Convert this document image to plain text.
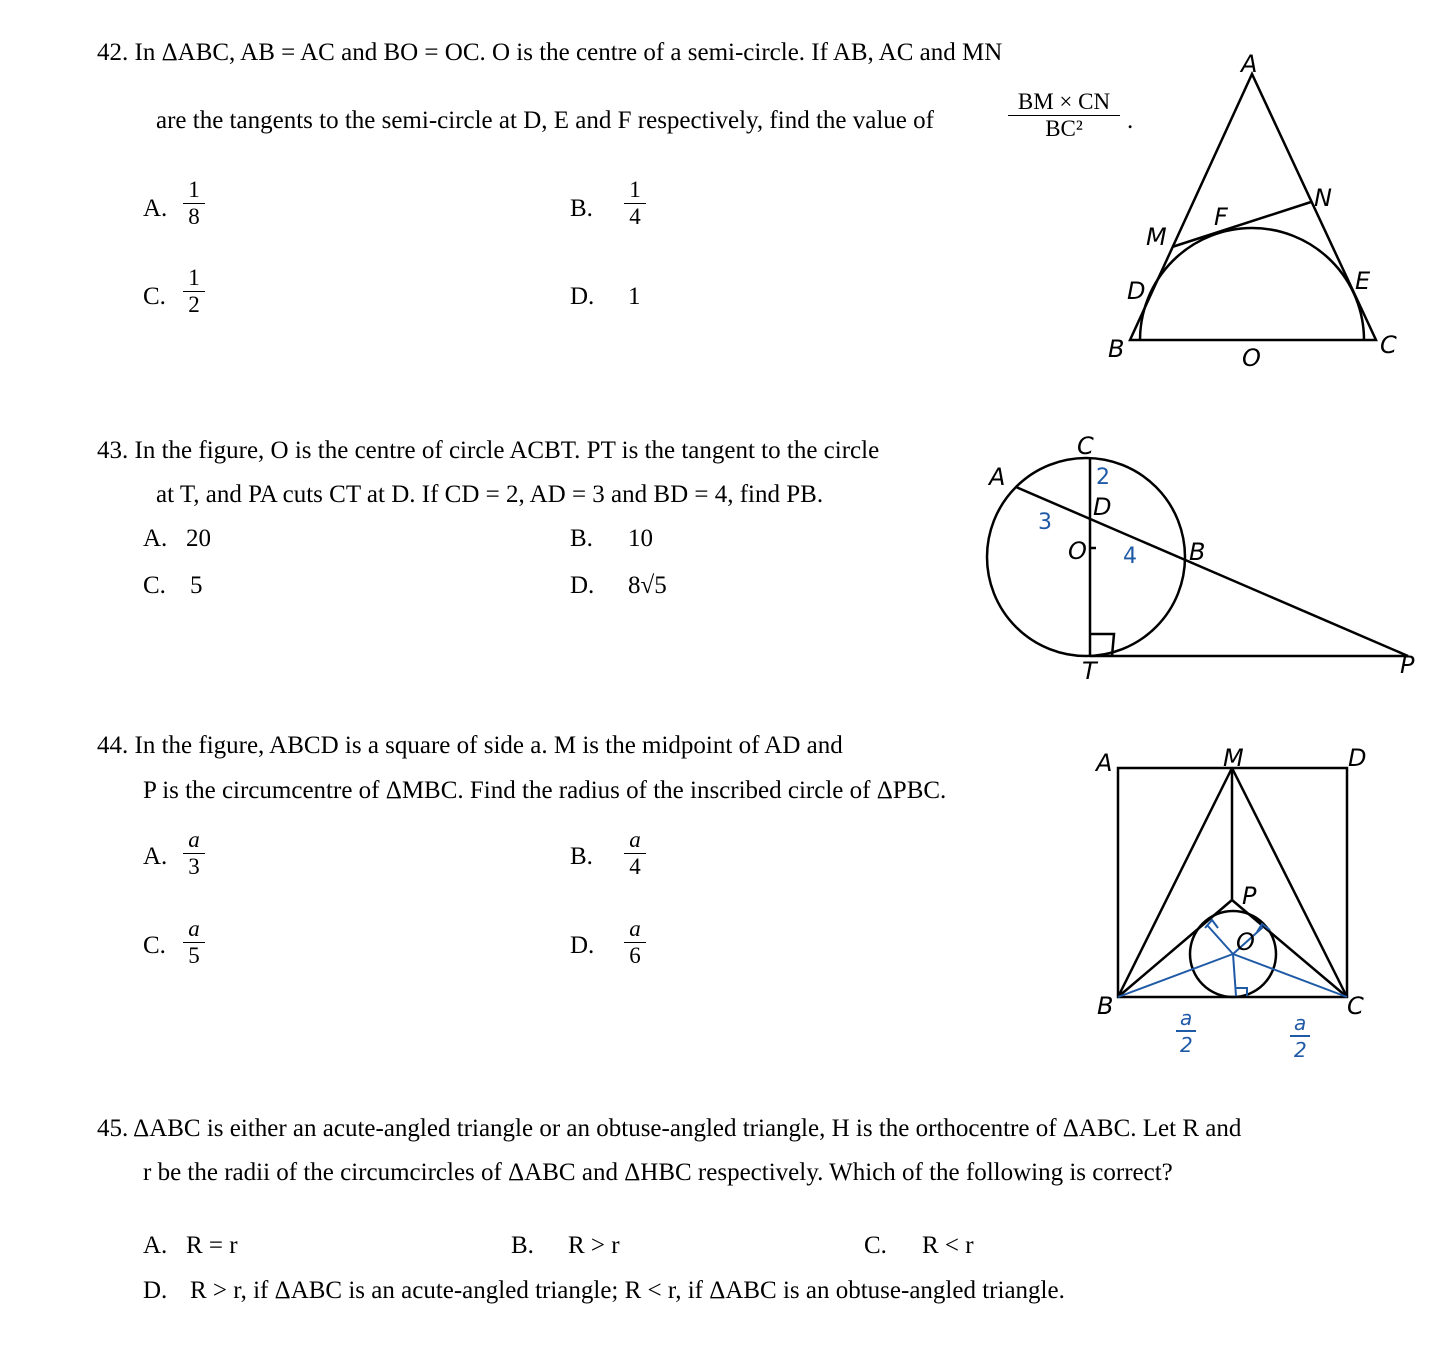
42. In ΔABC, AB = AC and BO = OC. O is the centre of a semi-circle. If AB, AC and MN
are the tangents to the semi-circle at D, E and F respectively, find the value of
BM × CN
BC²	.
A.
1
8	B.
1
4
C.
1
2	D. 1
A
B	C
D	E
F
M
N
O
43. In the figure, O is the centre of circle ACBT. PT is the tangent to the circle
at T, and PA cuts CT at D. If CD = 2, AD = 3 and BD = 4, find PB.
A. 20	B. 10
C. 5	D. 8√5
A
B
C
D
O
T	P
2
3
4
44. In the figure, ABCD is a square of side a. M is the midpoint of AD and
P is the circumcentre of ΔMBC. Find the radius of the inscribed circle of ΔPBC.
A.
a
3	B.
a
4
C.
a
5	D.
a
6
A	D
M
B	C
P
O
a
2
a
2
45. ΔABC is either an acute-angled triangle or an obtuse-angled triangle, H is the orthocentre of ΔABC. Let R and
r be the radii of the circumcircles of ΔABC and ΔHBC respectively. Which of the following is correct?
A. R = r	B. R > r	C. R < r
D. R > r, if ΔABC is an acute-angled triangle; R < r, if ΔABC is an obtuse-angled triangle.
